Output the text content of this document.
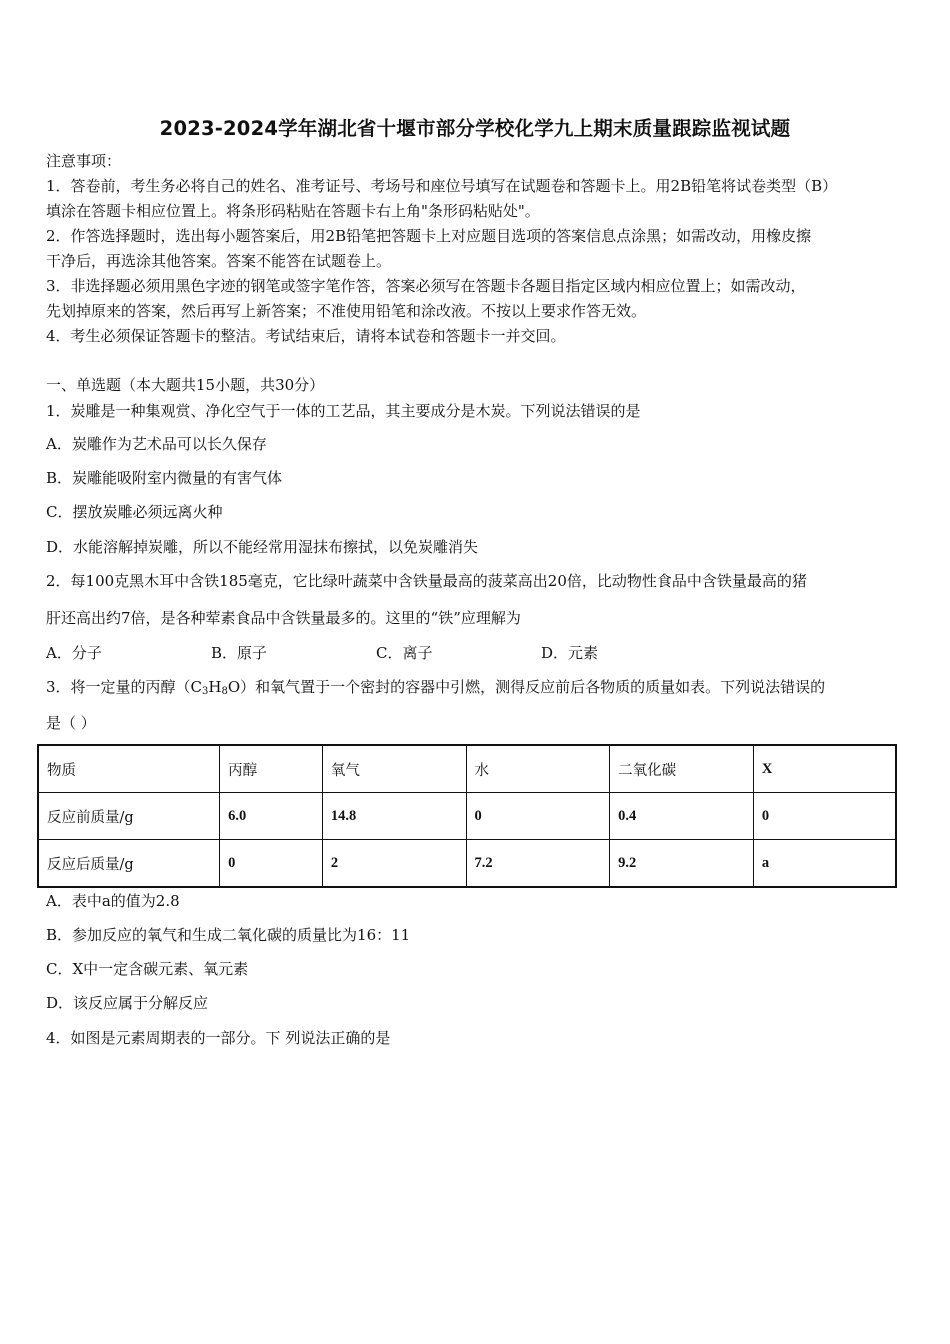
2023-2024学年湖北省十堰市部分学校化学九上期末质量跟踪监视试题
注意事项：
1．答卷前，考生务必将自己的姓名、准考证号、考场号和座位号填写在试题卷和答题卡上。用2B铅笔将试卷类型（B）
填涂在答题卡相应位置上。将条形码粘贴在答题卡右上角"条形码粘贴处"。
2．作答选择题时，选出每小题答案后，用2B铅笔把答题卡上对应题目选项的答案信息点涂黑；如需改动，用橡皮擦
干净后，再选涂其他答案。答案不能答在试题卷上。
3．非选择题必须用黑色字迹的钢笔或签字笔作答，答案必须写在答题卡各题目指定区域内相应位置上；如需改动，
先划掉原来的答案，然后再写上新答案；不准使用铅笔和涂改液。不按以上要求作答无效。
4．考生必须保证答题卡的整洁。考试结束后，请将本试卷和答题卡一并交回。
一、单选题（本大题共15小题，共30分）
1．炭雕是一种集观赏、净化空气于一体的工艺品，其主要成分是木炭。下列说法错误的是
A．炭雕作为艺术品可以长久保存
B．炭雕能吸附室内微量的有害气体
C．摆放炭雕必须远离火种
D．水能溶解掉炭雕，所以不能经常用湿抹布擦拭，以免炭雕消失
2．每100克黑木耳中含铁185毫克，它比绿叶蔬菜中含铁量最高的菠菜高出20倍，比动物性食品中含铁量最高的猪
肝还高出约7倍，是各种荤素食品中含铁量最多的。这里的“铁”应理解为
A．分子	B．原子	C．离子	D．元素
3．将一定量的丙醇$(C_3H_8O)$和氧气置于一个密封的容器中引燃，测得反应前后各物质的质量如表。下列说法错误的
是（ ）
物质	丙醇	氧气	水	二氧化碳	X
反应前质量/g	6.0	14.8	0	0.4	0
反应后质量/g	0	2	7.2	9.2	a
A．表中a的值为2.8
B．参加反应的氧气和生成二氧化碳的质量比为16：11
C．X中一定含碳元素、氧元素
D．该反应属于分解反应
4．如图是元素周期表的一部分。下 列说法正确的是
